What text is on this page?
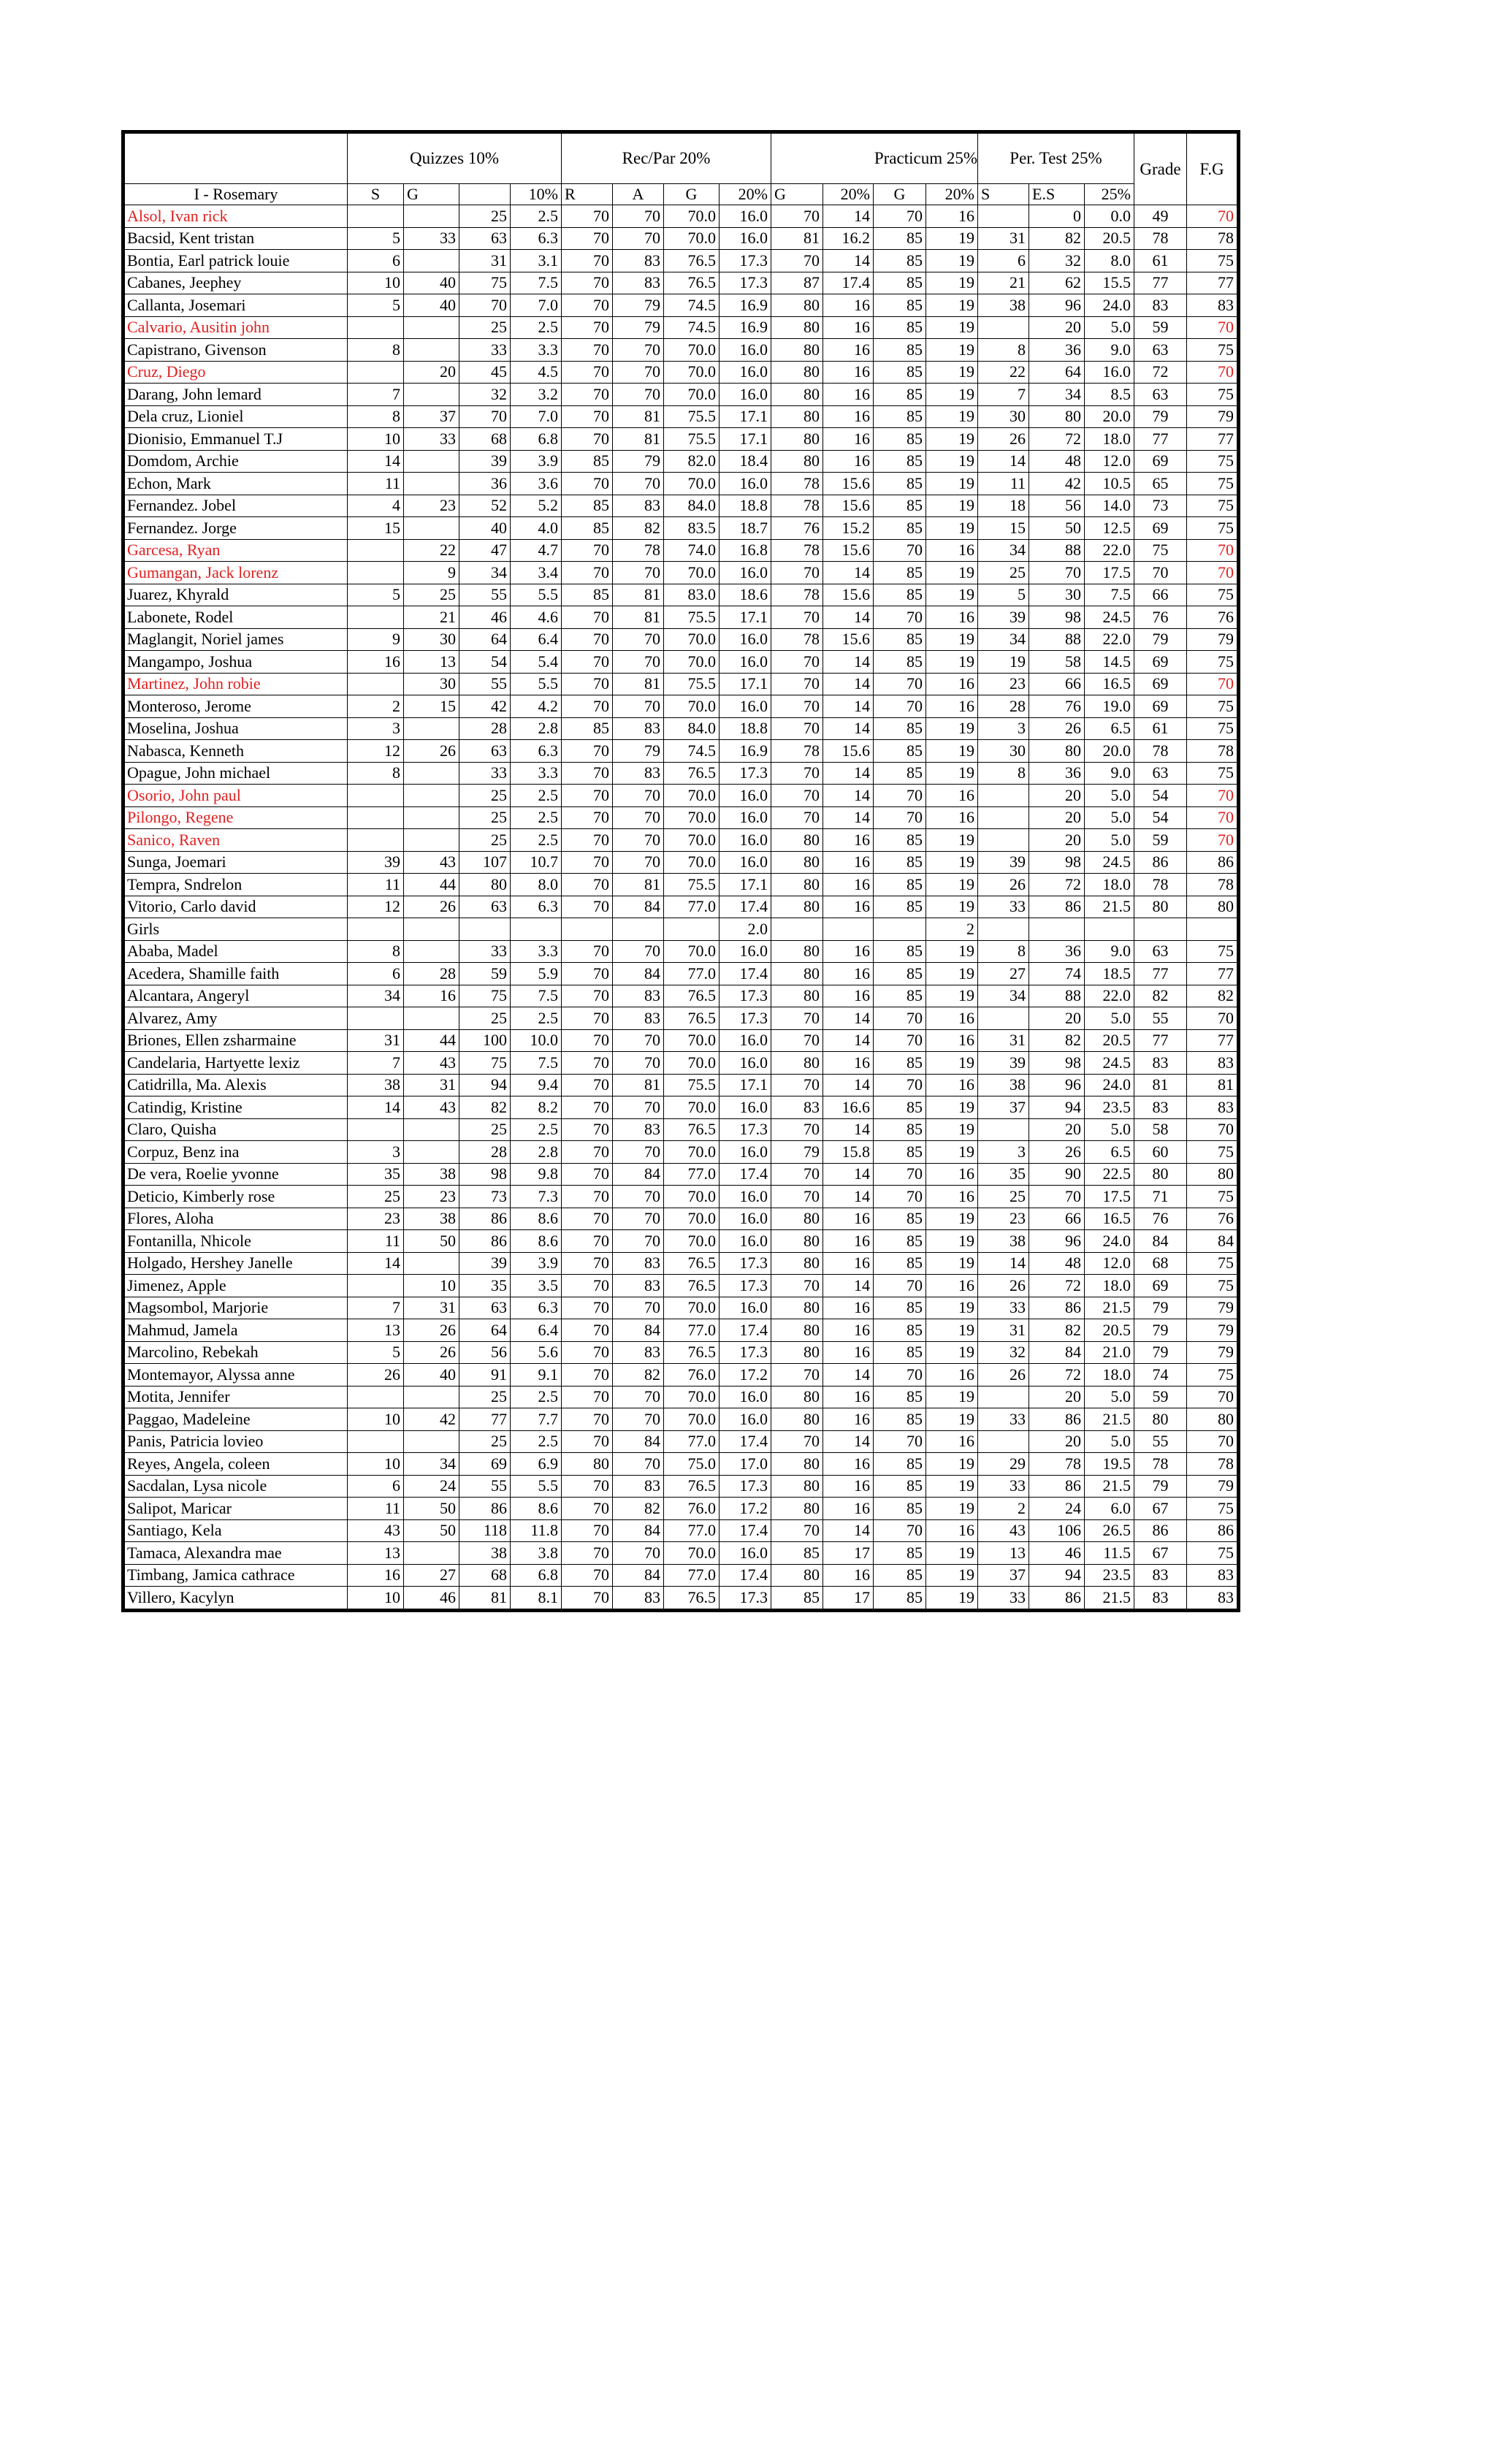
	Quizzes 10%				Rec/Par 20%				Practicum 25%				Per. Test 25%			Grade	F.G
I - Rosemary	S	G		10%	R	A	G	20%	G	20%	G	20%	S	E.S	25%		
Alsol, Ivan rick			25	2.5	70	70	70.0	16.0	70	14	70	16		0	0.0	49	70
Bacsid, Kent tristan	5	33	63	6.3	70	70	70.0	16.0	81	16.2	85	19	31	82	20.5	78	78
Bontia, Earl patrick louie	6		31	3.1	70	83	76.5	17.3	70	14	85	19	6	32	8.0	61	75
Cabanes, Jeephey	10	40	75	7.5	70	83	76.5	17.3	87	17.4	85	19	21	62	15.5	77	77
Callanta, Josemari	5	40	70	7.0	70	79	74.5	16.9	80	16	85	19	38	96	24.0	83	83
Calvario, Ausitin john			25	2.5	70	79	74.5	16.9	80	16	85	19		20	5.0	59	70
Capistrano, Givenson	8		33	3.3	70	70	70.0	16.0	80	16	85	19	8	36	9.0	63	75
Cruz, Diego		20	45	4.5	70	70	70.0	16.0	80	16	85	19	22	64	16.0	72	70
Darang, John lemard	7		32	3.2	70	70	70.0	16.0	80	16	85	19	7	34	8.5	63	75
Dela cruz, Lioniel	8	37	70	7.0	70	81	75.5	17.1	80	16	85	19	30	80	20.0	79	79
Dionisio, Emmanuel T.J	10	33	68	6.8	70	81	75.5	17.1	80	16	85	19	26	72	18.0	77	77
Domdom, Archie	14		39	3.9	85	79	82.0	18.4	80	16	85	19	14	48	12.0	69	75
Echon, Mark	11		36	3.6	70	70	70.0	16.0	78	15.6	85	19	11	42	10.5	65	75
Fernandez. Jobel	4	23	52	5.2	85	83	84.0	18.8	78	15.6	85	19	18	56	14.0	73	75
Fernandez. Jorge	15		40	4.0	85	82	83.5	18.7	76	15.2	85	19	15	50	12.5	69	75
Garcesa, Ryan		22	47	4.7	70	78	74.0	16.8	78	15.6	70	16	34	88	22.0	75	70
Gumangan, Jack lorenz		9	34	3.4	70	70	70.0	16.0	70	14	85	19	25	70	17.5	70	70
Juarez, Khyrald	5	25	55	5.5	85	81	83.0	18.6	78	15.6	85	19	5	30	7.5	66	75
Labonete, Rodel		21	46	4.6	70	81	75.5	17.1	70	14	70	16	39	98	24.5	76	76
Maglangit, Noriel james	9	30	64	6.4	70	70	70.0	16.0	78	15.6	85	19	34	88	22.0	79	79
Mangampo, Joshua	16	13	54	5.4	70	70	70.0	16.0	70	14	85	19	19	58	14.5	69	75
Martinez, John robie		30	55	5.5	70	81	75.5	17.1	70	14	70	16	23	66	16.5	69	70
Monteroso, Jerome	2	15	42	4.2	70	70	70.0	16.0	70	14	70	16	28	76	19.0	69	75
Moselina, Joshua	3		28	2.8	85	83	84.0	18.8	70	14	85	19	3	26	6.5	61	75
Nabasca, Kenneth	12	26	63	6.3	70	79	74.5	16.9	78	15.6	85	19	30	80	20.0	78	78
Opague, John michael	8		33	3.3	70	83	76.5	17.3	70	14	85	19	8	36	9.0	63	75
Osorio, John paul			25	2.5	70	70	70.0	16.0	70	14	70	16		20	5.0	54	70
Pilongo, Regene			25	2.5	70	70	70.0	16.0	70	14	70	16		20	5.0	54	70
Sanico, Raven			25	2.5	70	70	70.0	16.0	80	16	85	19		20	5.0	59	70
Sunga, Joemari	39	43	107	10.7	70	70	70.0	16.0	80	16	85	19	39	98	24.5	86	86
Tempra, Sndrelon	11	44	80	8.0	70	81	75.5	17.1	80	16	85	19	26	72	18.0	78	78
Vitorio, Carlo david	12	26	63	6.3	70	84	77.0	17.4	80	16	85	19	33	86	21.5	80	80
Girls								2.0				2					
Ababa, Madel	8		33	3.3	70	70	70.0	16.0	80	16	85	19	8	36	9.0	63	75
Acedera, Shamille faith	6	28	59	5.9	70	84	77.0	17.4	80	16	85	19	27	74	18.5	77	77
Alcantara, Angeryl	34	16	75	7.5	70	83	76.5	17.3	80	16	85	19	34	88	22.0	82	82
Alvarez, Amy			25	2.5	70	83	76.5	17.3	70	14	70	16		20	5.0	55	70
Briones, Ellen zsharmaine	31	44	100	10.0	70	70	70.0	16.0	70	14	70	16	31	82	20.5	77	77
Candelaria, Hartyette lexiz	7	43	75	7.5	70	70	70.0	16.0	80	16	85	19	39	98	24.5	83	83
Catidrilla, Ma. Alexis	38	31	94	9.4	70	81	75.5	17.1	70	14	70	16	38	96	24.0	81	81
Catindig, Kristine	14	43	82	8.2	70	70	70.0	16.0	83	16.6	85	19	37	94	23.5	83	83
Claro, Quisha			25	2.5	70	83	76.5	17.3	70	14	85	19		20	5.0	58	70
Corpuz, Benz ina	3		28	2.8	70	70	70.0	16.0	79	15.8	85	19	3	26	6.5	60	75
De vera, Roelie yvonne	35	38	98	9.8	70	84	77.0	17.4	70	14	70	16	35	90	22.5	80	80
Deticio, Kimberly rose	25	23	73	7.3	70	70	70.0	16.0	70	14	70	16	25	70	17.5	71	75
Flores, Aloha	23	38	86	8.6	70	70	70.0	16.0	80	16	85	19	23	66	16.5	76	76
Fontanilla, Nhicole	11	50	86	8.6	70	70	70.0	16.0	80	16	85	19	38	96	24.0	84	84
Holgado, Hershey Janelle	14		39	3.9	70	83	76.5	17.3	80	16	85	19	14	48	12.0	68	75
Jimenez, Apple		10	35	3.5	70	83	76.5	17.3	70	14	70	16	26	72	18.0	69	75
Magsombol, Marjorie	7	31	63	6.3	70	70	70.0	16.0	80	16	85	19	33	86	21.5	79	79
Mahmud, Jamela	13	26	64	6.4	70	84	77.0	17.4	80	16	85	19	31	82	20.5	79	79
Marcolino, Rebekah	5	26	56	5.6	70	83	76.5	17.3	80	16	85	19	32	84	21.0	79	79
Montemayor, Alyssa anne	26	40	91	9.1	70	82	76.0	17.2	70	14	70	16	26	72	18.0	74	75
Motita, Jennifer			25	2.5	70	70	70.0	16.0	80	16	85	19		20	5.0	59	70
Paggao, Madeleine	10	42	77	7.7	70	70	70.0	16.0	80	16	85	19	33	86	21.5	80	80
Panis, Patricia lovieo			25	2.5	70	84	77.0	17.4	70	14	70	16		20	5.0	55	70
Reyes, Angela, coleen	10	34	69	6.9	80	70	75.0	17.0	80	16	85	19	29	78	19.5	78	78
Sacdalan, Lysa nicole	6	24	55	5.5	70	83	76.5	17.3	80	16	85	19	33	86	21.5	79	79
Salipot, Maricar	11	50	86	8.6	70	82	76.0	17.2	80	16	85	19	2	24	6.0	67	75
Santiago, Kela	43	50	118	11.8	70	84	77.0	17.4	70	14	70	16	43	106	26.5	86	86
Tamaca, Alexandra mae	13		38	3.8	70	70	70.0	16.0	85	17	85	19	13	46	11.5	67	75
Timbang, Jamica cathrace	16	27	68	6.8	70	84	77.0	17.4	80	16	85	19	37	94	23.5	83	83
Villero, Kacylyn	10	46	81	8.1	70	83	76.5	17.3	85	17	85	19	33	86	21.5	83	83
